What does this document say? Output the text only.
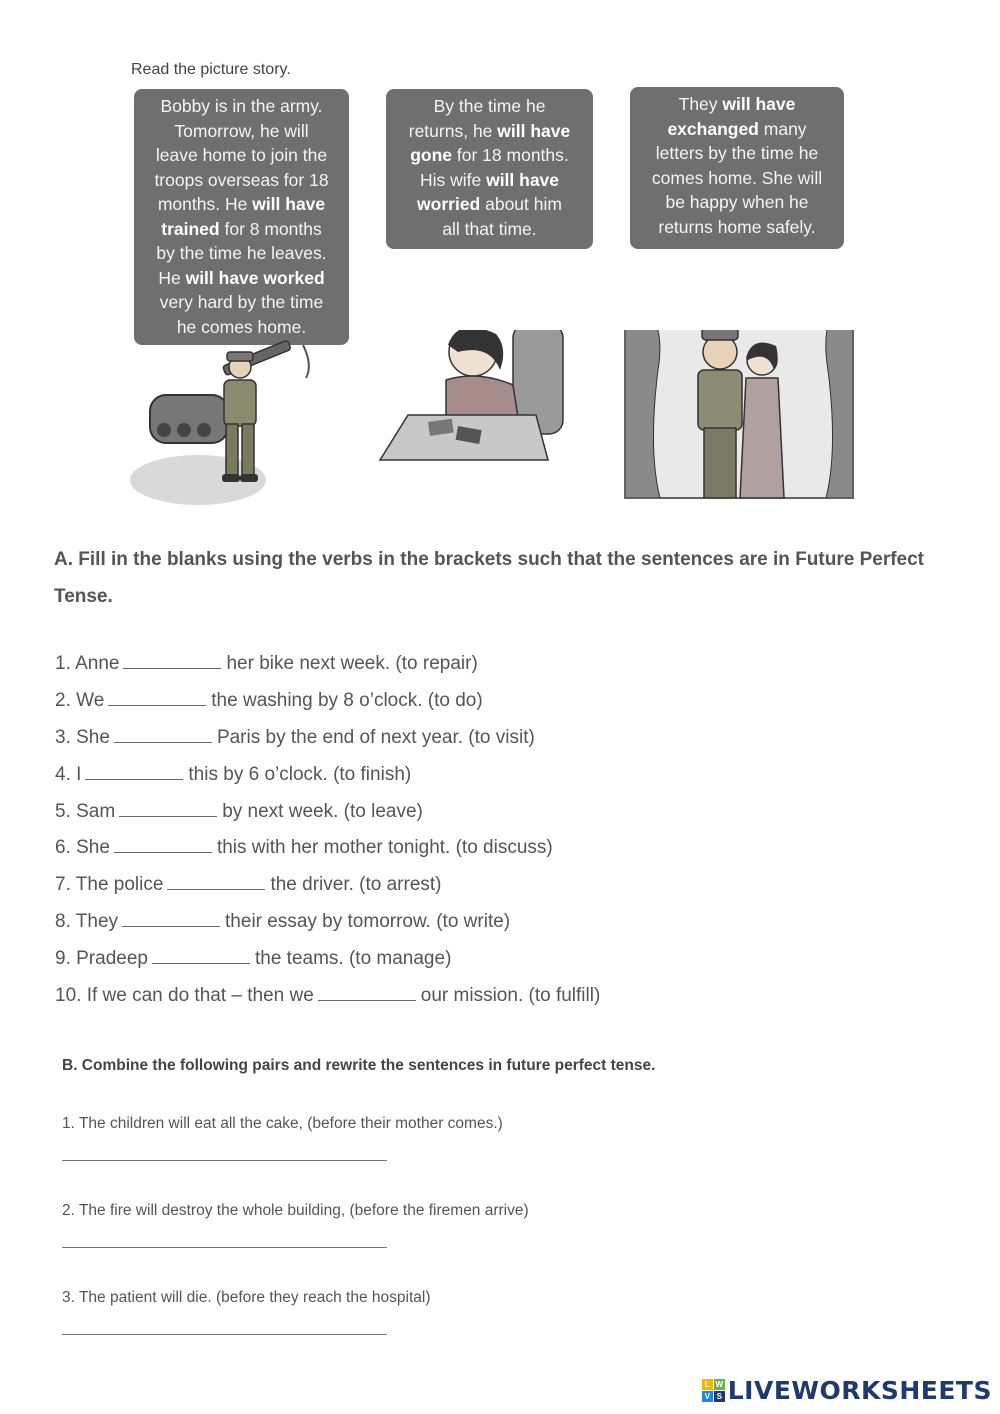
Read the picture story.
Bobby is in the army.
Tomorrow, he will
leave home to join the
troops overseas for 18
months. He will have
trained for 8 months
by the time he leaves.
He will have worked
very hard by the time
he comes home.
By the time he
returns, he will have
gone for 18 months.
His wife will have
worried about him
all that time.
They will have
exchanged many
letters by the time he
comes home. She will
be happy when he
returns home safely.
A. Fill in the blanks using the verbs in the brackets such that the sentences are in Future Perfect Tense.
1. Anne	her bike next week. (to repair)
2. We	the washing by 8 o’clock. (to do)
3. She	Paris by the end of next year. (to visit)
4. I	this by 6 o’clock. (to finish)
5. Sam	by next week. (to leave)
6. She	this with her mother tonight. (to discuss)
7. The police	the driver. (to arrest)
8. They	their essay by tomorrow. (to write)
9. Pradeep	the teams. (to manage)
10. If we can do that – then we	our mission. (to fulfill)
B. Combine the following pairs and rewrite the sentences in future perfect tense.
1. The children will eat all the cake, (before their mother comes.)
2. The fire will destroy the whole building, (before the firemen arrive)
3. The patient will die. (before they reach the hospital)
L W
V S LIVEWORKSHEETS
